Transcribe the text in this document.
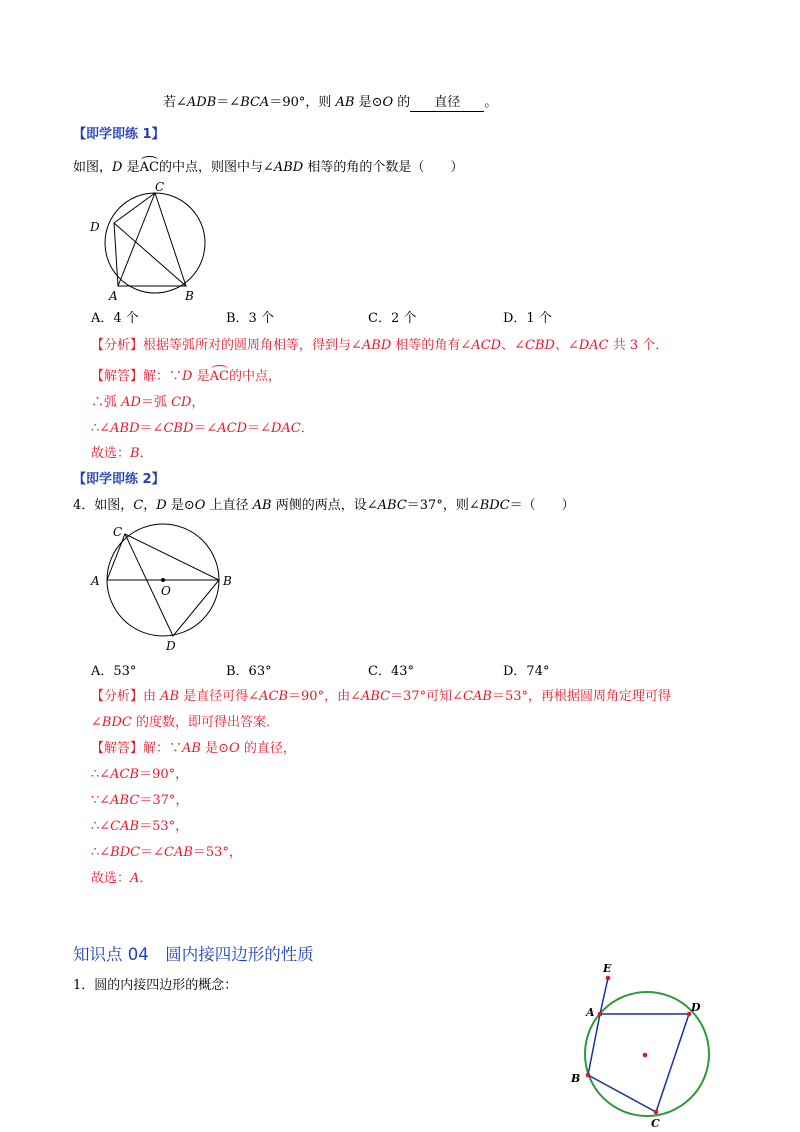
若∠ADB＝∠BCA＝90°，则 AB 是⊙O 的 直径 。
【即学即练 1】
如图，D 是AC的中点，则图中与∠ABD 相等的角的个数是（　　）
C
D
A	B
A．4 个	B．3 个	C．2 个	D．1 个
【分析】根据等弧所对的圆周角相等，得到与∠ABD 相等的角有∠ACD、∠CBD、∠DAC 共 3 个．
【解答】解：∵D 是AC的中点，
∴弧 AD＝弧 CD，
∴∠ABD＝∠CBD＝∠ACD＝∠DAC．
故选：B．
【即学即练 2】
4．如图，C，D 是⊙O 上直径 AB 两侧的两点，设∠ABC＝37°，则∠BDC＝（　　）
C
A
O
B
D
A．53°	B．63°	C．43°	D．74°
【分析】由 AB 是直径可得∠ACB＝90°，由∠ABC＝37°可知∠CAB＝53°，再根据圆周角定理可得
∠BDC 的度数，即可得出答案．
【解答】解：∵AB 是⊙O 的直径，
∴∠ACB＝90°，
∵∠ABC＝37°，
∴∠CAB＝53°，
∴∠BDC＝∠CAB＝53°，
故选：A．
知识点 04　圆内接四边形的性质
1．圆的内接四边形的概念：
E
A	D
B
C
